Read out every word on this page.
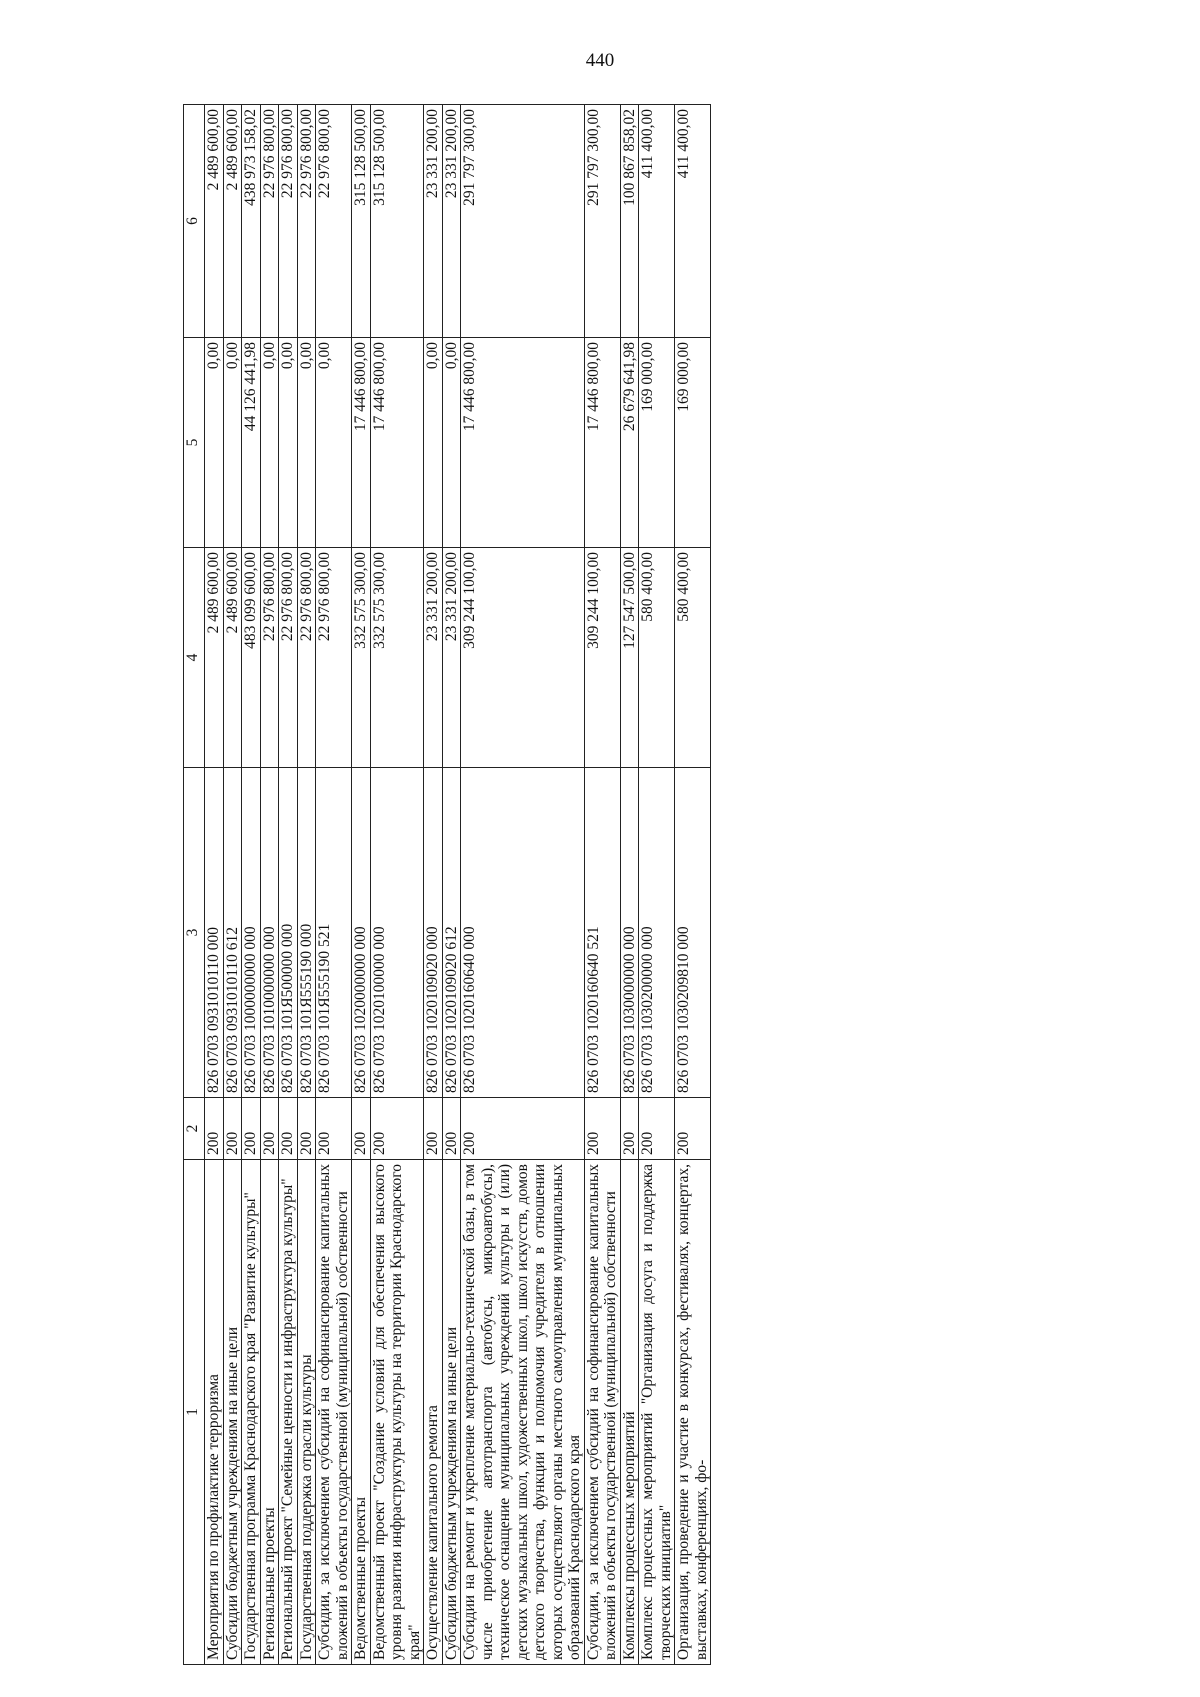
440
1	2	3	4	5	6
Мероприятия по профилактике терроризма	200	826 0703 0931010110 000	2 489 600,00	0,00	2 489 600,00
Субсидии бюджетным учреждениям на иные цели	200	826 0703 0931010110 612	2 489 600,00	0,00	2 489 600,00
Государственная программа Краснодарского края "Развитие культуры"	200	826 0703 1000000000 000	483 099 600,00	44 126 441,98	438 973 158,02
Региональные проекты	200	826 0703 1010000000 000	22 976 800,00	0,00	22 976 800,00
Региональный проект "Семейные ценности и инфраструктура культуры"	200	826 0703 101Я500000 000	22 976 800,00	0,00	22 976 800,00
Государственная поддержка отрасли культуры	200	826 0703 101Я555190 000	22 976 800,00	0,00	22 976 800,00
Субсидии, за исключением субсидий на софинансирование капитальных вложений в объекты государственной (муниципальной) собственности	200	826 0703 101Я555190 521	22 976 800,00	0,00	22 976 800,00
Ведомственные проекты	200	826 0703 1020000000 000	332 575 300,00	17 446 800,00	315 128 500,00
Ведомственный проект "Создание условий для обеспечения высокого уровня развития инфраструктуры культуры на территории Краснодарского края"	200	826 0703 1020100000 000	332 575 300,00	17 446 800,00	315 128 500,00
Осуществление капитального ремонта	200	826 0703 1020109020 000	23 331 200,00	0,00	23 331 200,00
Субсидии бюджетным учреждениям на иные цели	200	826 0703 1020109020 612	23 331 200,00	0,00	23 331 200,00
Субсидии на ремонт и укрепление материально-технической базы, в том числе приобретение автотранспорта (автобусы, микроавтобусы), техническое оснащение муниципальных учреждений культуры и (или) детских музыкальных школ, художественных школ, школ искусств, домов детского творчества, функции и полномочия учредителя в отношении которых осуществляют органы местного самоуправления муниципальных образований Краснодарского края	200	826 0703 1020160640 000	309 244 100,00	17 446 800,00	291 797 300,00
Субсидии, за исключением субсидий на софинансирование капитальных вложений в объекты государственной (муниципальной) собственности	200	826 0703 1020160640 521	309 244 100,00	17 446 800,00	291 797 300,00
Комплексы процессных мероприятий	200	826 0703 1030000000 000	127 547 500,00	26 679 641,98	100 867 858,02
Комплекс процессных мероприятий "Организация досуга и поддержка творческих инициатив"	200	826 0703 1030200000 000	580 400,00	169 000,00	411 400,00
Организация, проведение и участие в конкурсах, фестивалях, концертах, выставках, конференциях, фо-	200	826 0703 1030209810 000	580 400,00	169 000,00	411 400,00
